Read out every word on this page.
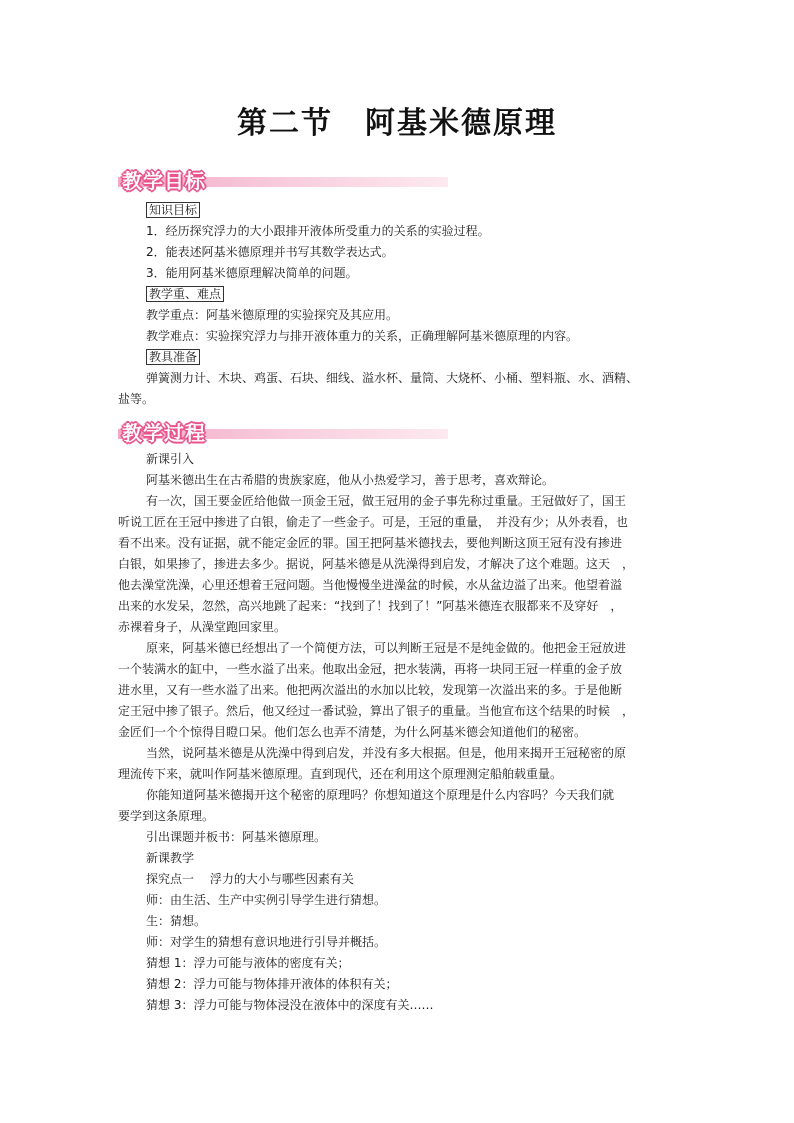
第二节　阿基米德原理
教学目标
知识目标
1．经历探究浮力的大小跟排开液体所受重力的关系的实验过程。
2．能表述阿基米德原理并书写其数学表达式。
3．能用阿基米德原理解决简单的问题。
教学重、难点
教学重点：阿基米德原理的实验探究及其应用。
教学难点：实验探究浮力与排开液体重力的关系，正确理解阿基米德原理的内容。
教具准备
弹簧测力计、木块、鸡蛋、石块、细线、溢水杯、量筒、大烧杯、小桶、塑料瓶、水、酒精、
盐等。
教学过程
新课引入
阿基米德出生在古希腊的贵族家庭，他从小热爱学习，善于思考，喜欢辩论。
有一次，国王要金匠给他做一顶金王冠，做王冠用的金子事先称过重量。王冠做好了，国王
听说工匠在王冠中掺进了白银，偷走了一些金子。可是，王冠的重量，　并没有少；从外表看，也
看不出来。没有证据，就不能定金匠的罪。国王把阿基米德找去，要他判断这顶王冠有没有掺进
白银，如果掺了，掺进去多少。据说，阿基米德是从洗澡得到启发，才解决了这个难题。这天　，
他去澡堂洗澡，心里还想着王冠问题。当他慢慢坐进澡盆的时候，水从盆边溢了出来。他望着溢
出来的水发呆，忽然，高兴地跳了起来：“找到了！找到了！”阿基米德连衣服都来不及穿好　，
赤裸着身子，从澡堂跑回家里。
原来，阿基米德已经想出了一个简便方法，可以判断王冠是不是纯金做的。他把金王冠放进
一个装满水的缸中，一些水溢了出来。他取出金冠，把水装满，再将一块同王冠一样重的金子放
进水里，又有一些水溢了出来。他把两次溢出的水加以比较，发现第一次溢出来的多。于是他断
定王冠中掺了银子。然后，他又经过一番试验，算出了银子的重量。当他宣布这个结果的时候　，
金匠们一个个惊得目瞪口呆。他们怎么也弄不清楚，为什么阿基米德会知道他们的秘密。
当然，说阿基米德是从洗澡中得到启发，并没有多大根据。但是，他用来揭开王冠秘密的原
理流传下来，就叫作阿基米德原理。直到现代，还在利用这个原理测定船舶载重量。
你能知道阿基米德揭开这个秘密的原理吗？你想知道这个原理是什么内容吗？今天我们就
要学到这条原理。
引出课题并板书：阿基米德原理。
新课教学
探究点一　 浮力的大小与哪些因素有关
师：由生活、生产中实例引导学生进行猜想。
生：猜想。
师：对学生的猜想有意识地进行引导并概括。
猜想 1：浮力可能与液体的密度有关；
猜想 2：浮力可能与物体排开液体的体积有关；
猜想 3：浮力可能与物体浸没在液体中的深度有关……
